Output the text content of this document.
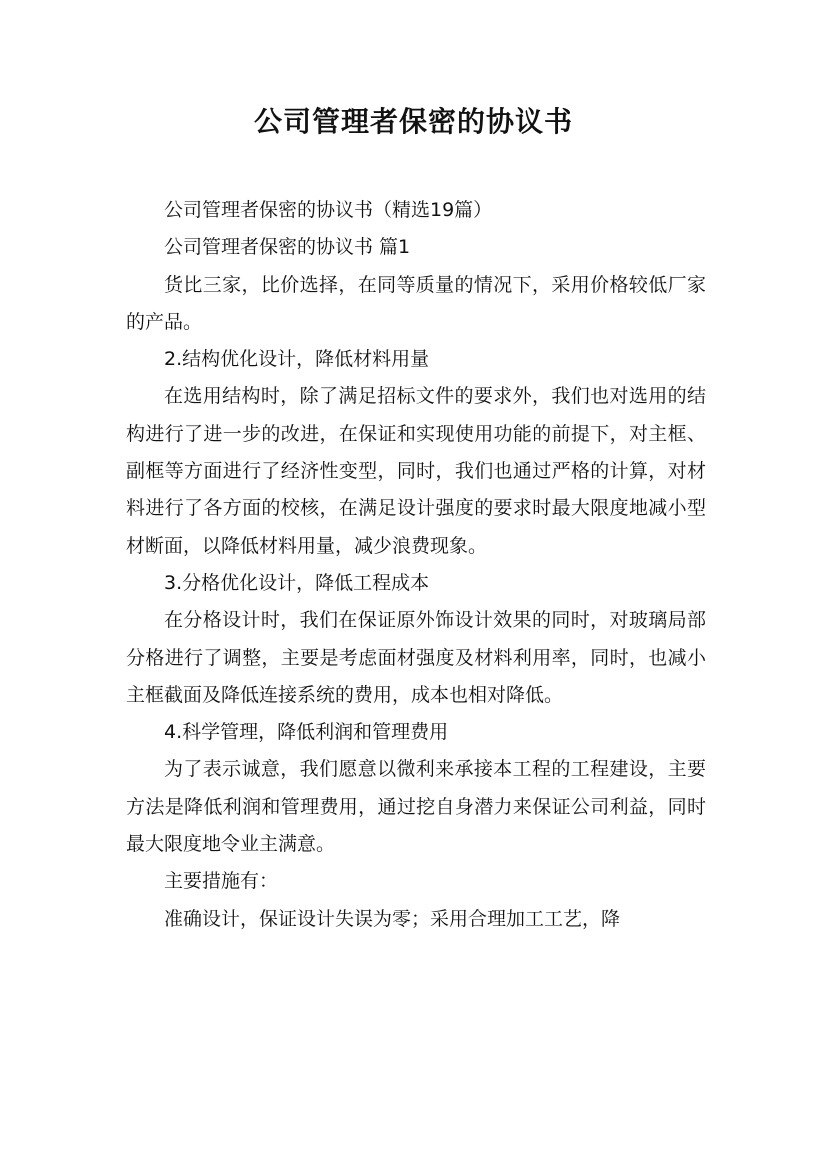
公司管理者保密的协议书

公司管理者保密的协议书（精选19篇）

公司管理者保密的协议书 篇1

货比三家，比价选择，在同等质量的情况下，采用价格较低厂家的产品。

2.结构优化设计，降低材料用量

在选用结构时，除了满足招标文件的要求外，我们也对选用的结构进行了进一步的改进，在保证和实现使用功能的前提下，对主框、副框等方面进行了经济性变型，同时，我们也通过严格的计算，对材料进行了各方面的校核，在满足设计强度的要求时最大限度地减小型材断面，以降低材料用量，减少浪费现象。

3.分格优化设计，降低工程成本

在分格设计时，我们在保证原外饰设计效果的同时，对玻璃局部分格进行了调整，主要是考虑面材强度及材料利用率，同时，也减小主框截面及降低连接系统的费用，成本也相对降低。

4.科学管理，降低利润和管理费用

为了表示诚意，我们愿意以微利来承接本工程的工程建设，主要方法是降低利润和管理费用，通过挖自身潜力来保证公司利益，同时最大限度地令业主满意。

主要措施有：

准确设计，保证设计失误为零；采用合理加工工艺，降
